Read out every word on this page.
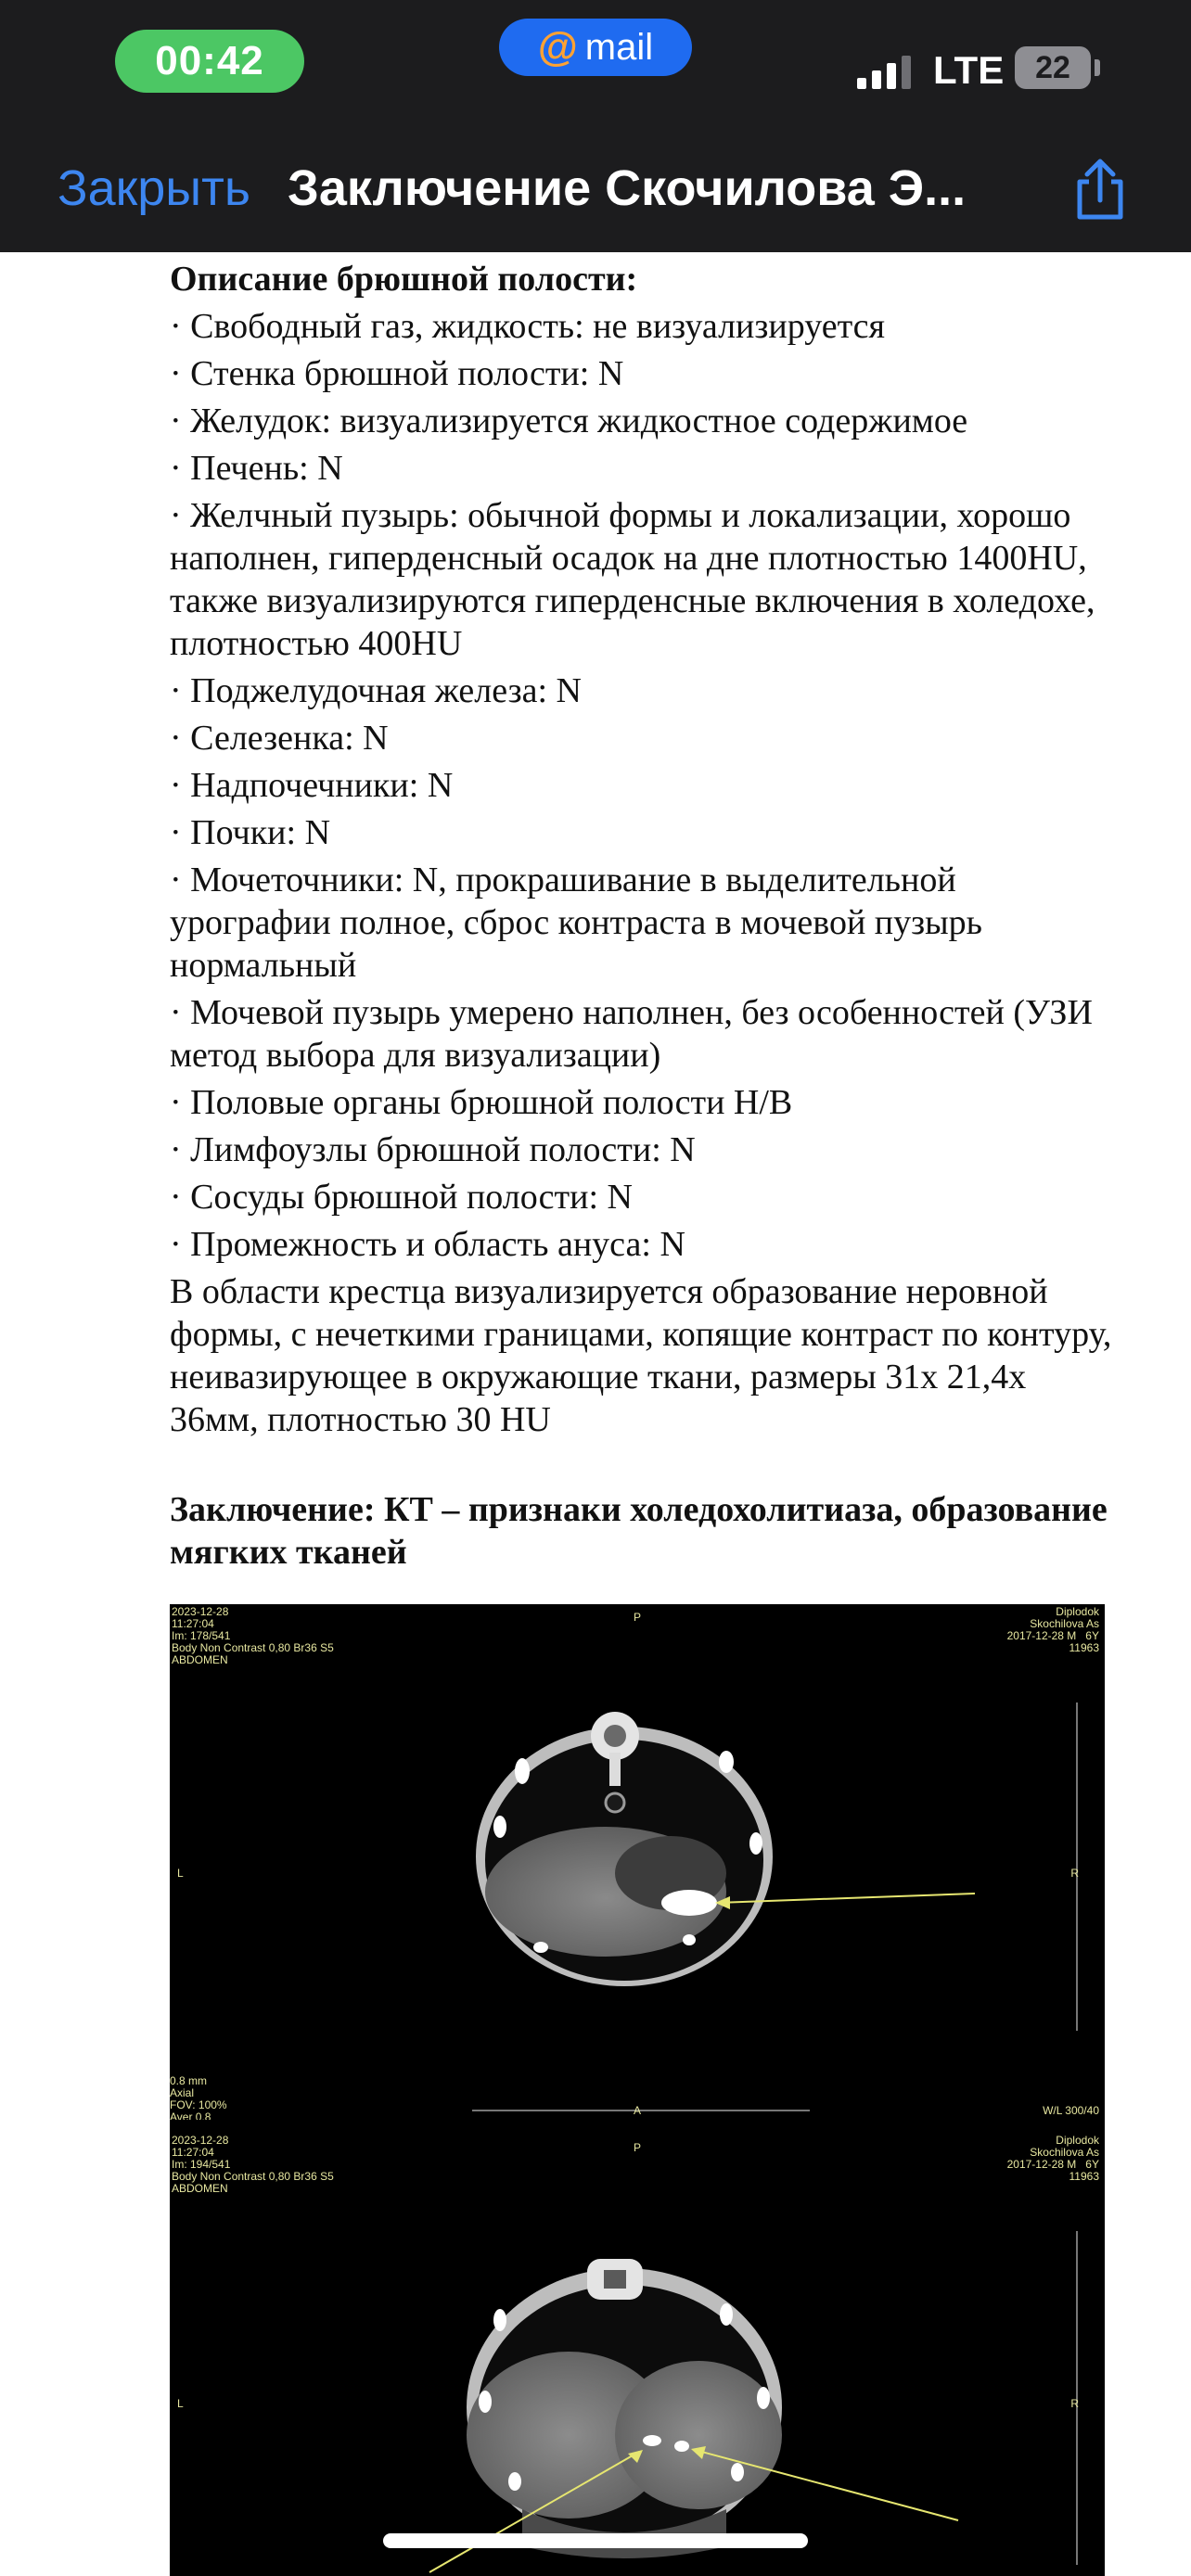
00:42	@ mail
LTE 22
Закрыть Заключение Скочилова Э...

Описание брюшной полости:

· Свободный газ, жидкость: не визуализируется

· Стенка брюшной полости: N

· Желудок: визуализируется жидкостное содержимое

· Печень: N

· Желчный пузырь: обычной формы и локализации, хорошо наполнен, гиперденсный осадок на дне плотностью 1400HU, также визуализируются гиперденсные включения в холедохе, плотностью 400HU

· Поджелудочная железа: N

· Селезенка: N

· Надпочечники: N

· Почки: N

· Мочеточники: N, прокрашивание в выделительной урографии полное, сброс контраста в мочевой пузырь нормальный

· Мочевой пузырь умерено наполнен, без особенностей (УЗИ метод выбора для визуализации)

· Половые органы брюшной полости Н/В

· Лимфоузлы брюшной полости: N

· Сосуды брюшной полости: N

· Промежность и область ануса: N

В области крестца визуализируется образование неровной формы, с нечеткими границами, копящие контраст по контуру, неивазирующее в окружающие ткани, размеры 31х 21,4х 36мм, плотностью 30 HU

Заключение: КТ – признаки холедохолитиаза, образование мягких тканей

2023-12-28
11:27:04
Im: 178/541
Body Non Contrast 0,80 Br36 S5
ABDOMEN
Diplodok
Skochilova As
2017-12-28 M   6Y
11963
P
L	R
0.8 mm
Axial
FOV: 100%
Aver 0.8	A	W/L 300/40
2023-12-28
11:27:04
Im: 194/541
Body Non Contrast 0,80 Br36 S5
ABDOMEN
Diplodok
Skochilova As
2017-12-28 M   6Y
11963
P
L	R
